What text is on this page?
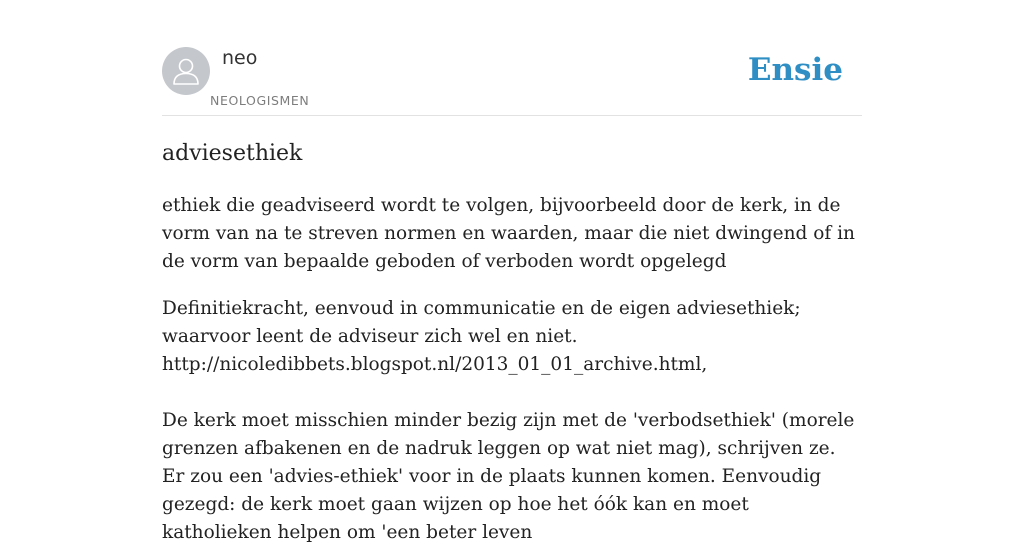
neo
NEOLOGISMEN
Ensie
adviesethiek
ethiek die geadviseerd wordt te volgen, bijvoorbeeld door de kerk, in de vorm van na te streven normen en waarden, maar die niet dwingend of in de vorm van bepaalde geboden of verboden wordt opgelegd

Definitiekracht, eenvoud in communicatie en de eigen adviesethiek; waarvoor leent de adviseur zich wel en niet.

http://nicoledibbets.blogspot.nl/2013_01_01_archive.html,

De kerk moet misschien minder bezig zijn met de 'verbodsethiek' (morele grenzen afbakenen en de nadruk leggen op wat niet mag), schrijven ze. Er zou een 'advies-ethiek' voor in de plaats kunnen komen. Eenvoudig gezegd: de kerk moet gaan wijzen op hoe het óók kan en moet katholieken helpen om 'een beter leven
